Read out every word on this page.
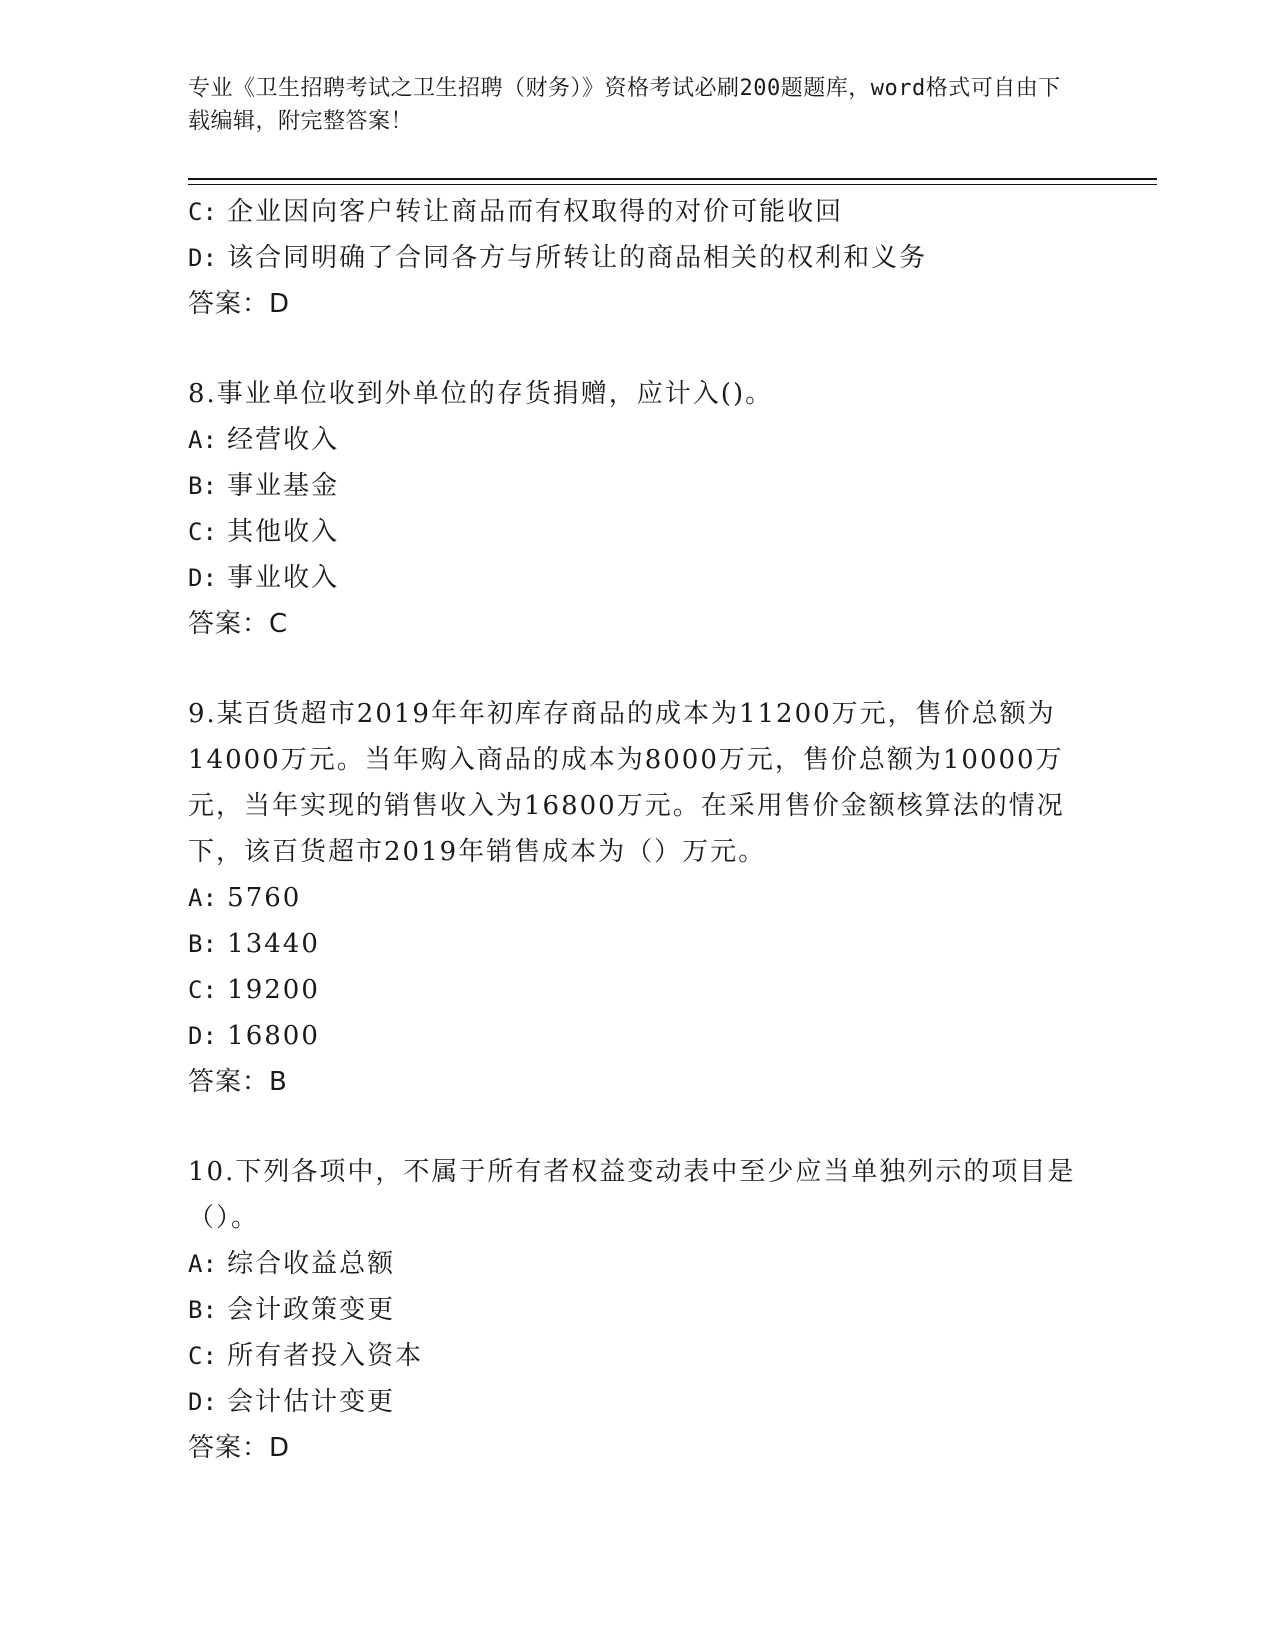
专业《卫生招聘考试之卫生招聘（财务）》资格考试必刷200题题库，word格式可自由下载编辑，附完整答案！
C: 企业因向客户转让商品而有权取得的对价可能收回
D: 该合同明确了合同各方与所转让的商品相关的权利和义务
答案：D
8.事业单位收到外单位的存货捐赠，应计入()。
A: 经营收入
B: 事业基金
C: 其他收入
D: 事业收入
答案：C
9.某百货超市2019年年初库存商品的成本为11200万元，售价总额为14000万元。当年购入商品的成本为8000万元，售价总额为10000万元，当年实现的销售收入为16800万元。在采用售价金额核算法的情况下，该百货超市2019年销售成本为（）万元。
A: 5760
B: 13440
C: 19200
D: 16800
答案：B
10.下列各项中，不属于所有者权益变动表中至少应当单独列示的项目是（）。
A: 综合收益总额
B: 会计政策变更
C: 所有者投入资本
D: 会计估计变更
答案：D
